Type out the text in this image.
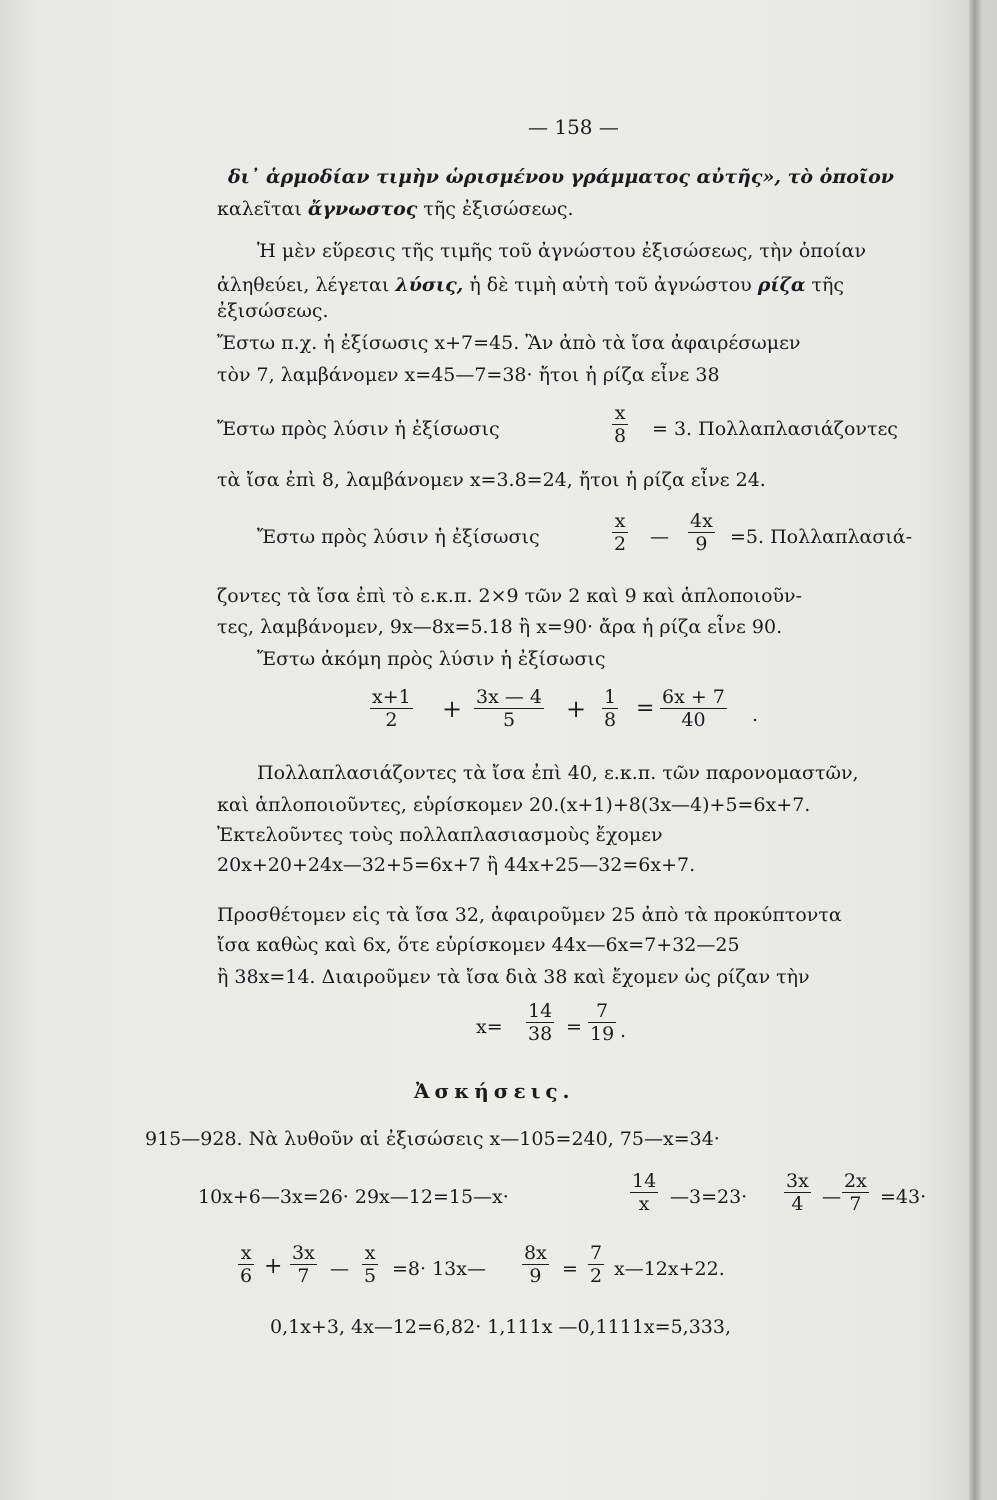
— 158 —
δι᾿ ἁρμοδίαν τιμὴν ὡρισμένου γράμματος αὐτῆς», τὸ ὁποῖον
καλεῖται ἄγνωστος τῆς ἐξισώσεως.
Ἡ μὲν εὕρεσις τῆς τιμῆς τοῦ ἀγνώστου ἐξισώσεως, τὴν ὁποίαν
ἀληθεύει, λέγεται λύσις, ἡ δὲ τιμὴ αὐτὴ τοῦ ἀγνώστου ρίζα τῆς
ἐξισώσεως.
Ἔστω π.χ. ἡ ἐξίσωσις x+7=45. Ἂν ἀπὸ τὰ ἴσα ἀφαιρέσωμεν
τὸν 7, λαμβάνομεν x=45—7=38· ἤτοι ἡ ρίζα εἶνε 38
Ἔστω πρὸς λύσιν ἡ ἐξίσωσις	$\frac{x}{8} = 3$. Πολλαπλασιάζοντες
τὰ ἴσα ἐπὶ 8, λαμβάνομεν x=3.8=24, ἤτοι ἡ ρίζα εἶνε 24.
Ἔστω πρὸς λύσιν ἡ ἐξίσωσις	$\frac{x}{2}$ — $\frac{4x}{9} =5$. Πολλαπλασιά-
ζοντες τὰ ἴσα ἐπὶ τὸ ε.κ.π. 2×9 τῶν 2 καὶ 9 καὶ ἁπλοποιοῦν-
τες, λαμβάνομεν, 9x—8x=5.18 ἢ x=90· ἄρα ἡ ρίζα εἶνε 90.
Ἔστω ἀκόμη πρὸς λύσιν ἡ ἐξίσωσις
$\frac{x+1}{2} + \frac{3x — 4}{5} + \frac{1}{8} = \frac{6x + 7}{40}$ .
Πολλαπλασιάζοντες τὰ ἴσα ἐπὶ 40, ε.κ.π. τῶν παρονομαστῶν,
καὶ ἁπλοποιοῦντες, εὑρίσκομεν 20.(x+1)+8(3x—4)+5=6x+7.
Ἐκτελοῦντες τοὺς πολλαπλασιασμοὺς ἔχομεν
20x+20+24x—32+5=6x+7 ἢ 44x+25—32=6x+7.
Προσθέτομεν εἰς τὰ ἴσα 32, ἀφαιροῦμεν 25 ἀπὸ τὰ προκύπτοντα
ἴσα καθὼς καὶ 6x, ὅτε εὑρίσκομεν 44x—6x=7+32—25
ἢ 38x=14. Διαιροῦμεν τὰ ἴσα διὰ 38 καὶ ἔχομεν ὡς ρίζαν τὴν
$x= \frac{14}{38} = \frac{7}{19}$ .
Ἀσκήσεις.
915—928. Νὰ λυθοῦν αἱ ἐξισώσεις x—105=240, 75—x=34·
10x+6—3x=26· 29x—12=15—x·	$\frac{14}{x}$ —3=23· $\frac{3x}{4}$ — $\frac{2x}{7} =43\cdot$
$\frac{x}{6} + \frac{3x}{7}$ — $\frac{x}{5} =8\cdot$ 13x— $\frac{8x}{9} = \frac{7}{2}$ x—12x+22.
0,1x+3, 4x—12=6,82· 1,111x —0,1111x=5,333,
